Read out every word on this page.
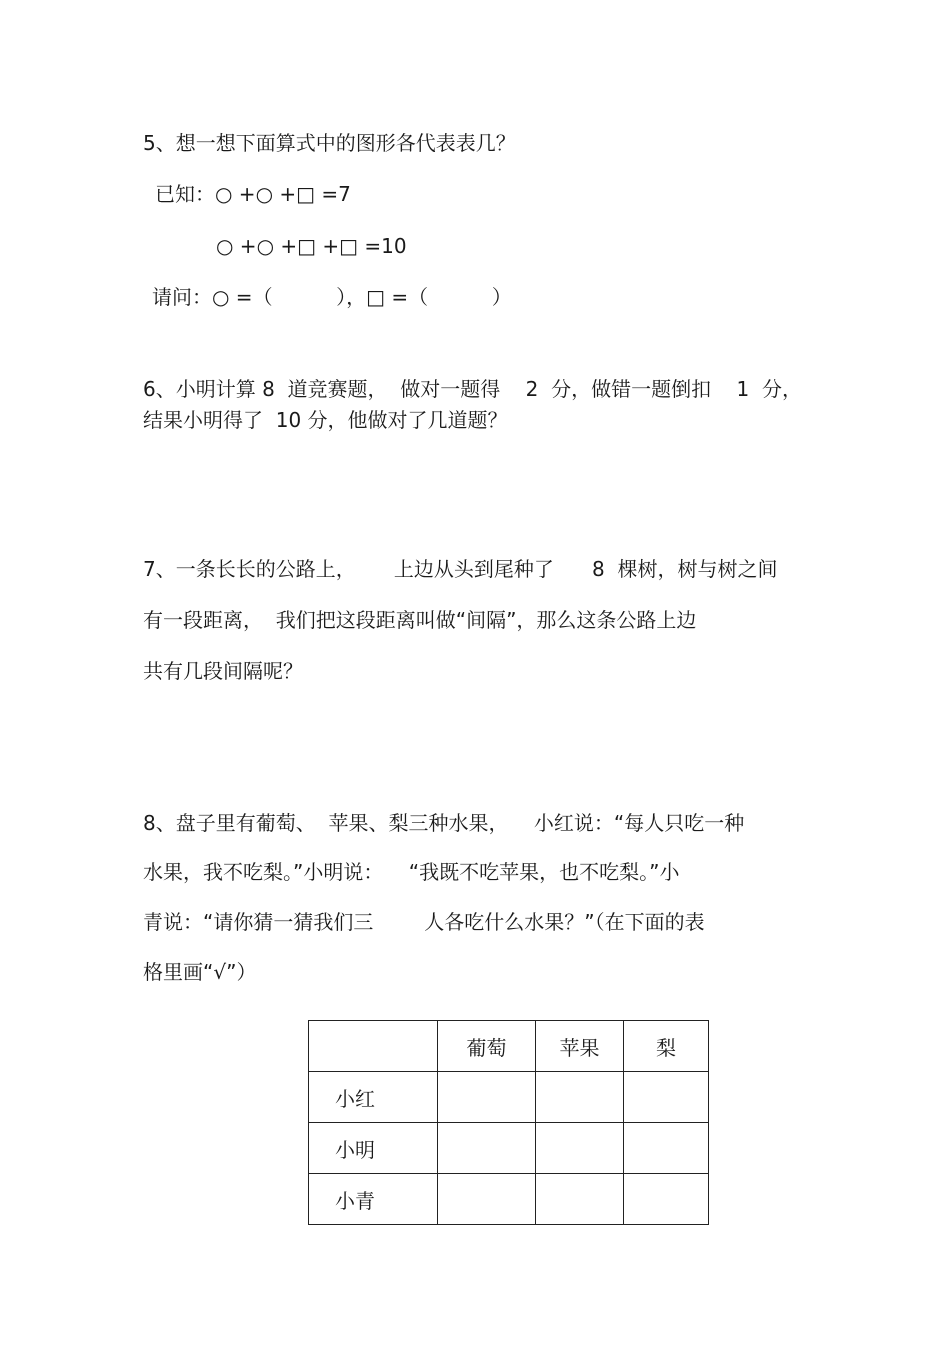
5、想一想下面算式中的图形各代表表几？
已知：○ +○ +□ =7
○ +○ +□ +□ =10
请问：○ =（          ），□ =（          ）
6、小明计算 8  道竞赛题，  做对一题得    2  分，做错一题倒扣    1  分，
结果小明得了  10 分，他做对了几道题？
7、一条长长的公路上，      上边从头到尾种了      8  棵树，树与树之间
有一段距离，  我们把这段距离叫做“间隔”，那么这条公路上边
共有几段间隔呢？
8、盘子里有葡萄、  苹果、梨三种水果，    小红说：“每人只吃一种
水果，我不吃梨。”小明说：    “我既不吃苹果，也不吃梨。”小
青说：“请你猜一猜我们三        人各吃什么水果？”（在下面的表
格里画“√”）
	葡萄	苹果	梨
小红			
小明			
小青			
